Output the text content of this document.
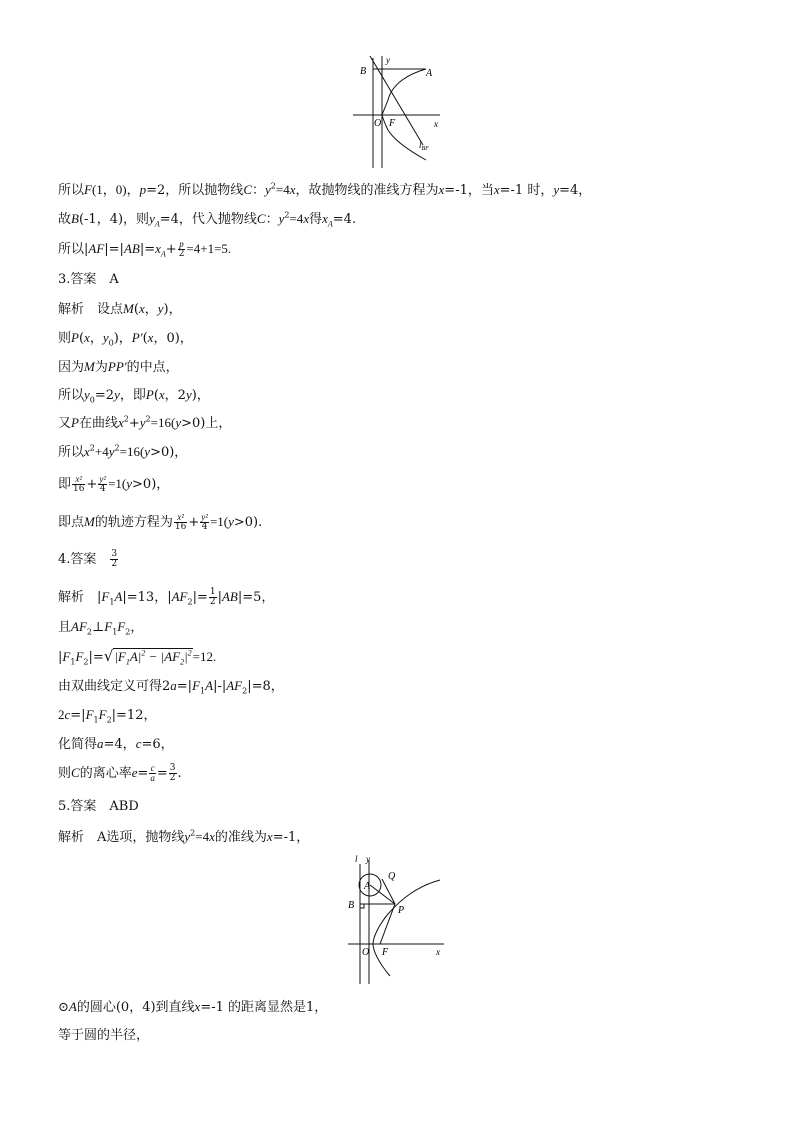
B
y
A
O F	x
$l_{BF}$
所以F(1，0)，p=2，所以抛物线C：$y^2=4x$，故抛物线的准线方程为x=-1，当x=-1 时，y=4，
故B(-1，4)，则$y_A=4$，代入抛物线C：$y^2=4x$得$x_A=4$.
所以$|AF|=|AB|=x_A+ \frac{p}{2} =4+1=5$.
3.答案　A
解析　设点M(x，y)，
则P(x，$y_0$)，P′(x，0)，
因为M为PP′的中点，
所以$y_0=2y$，即P(x，2y)，
又P在曲线$x^2+y^2=16(y>0)$上，
所以$x^2+4y^2=16(y>0)$，
即 $\frac{\text{x²}}{16} + \frac{\text{y²}}{4} =1(y>0)$，
即点M的轨迹方程为 $\frac{\text{x²}}{16} + \frac{\text{y²}}{4} =1(y>0)$.
4.答案　 $\frac{3}{2}$
解析　$|F_1A|=13$，$|AF_2|= \frac{1}{2} |AB|=5$，
且$AF_2\perp F_1F_2$，
$|F_1F_2|=√|F_1A|^2 - |AF_2|^2=12$.
由双曲线定义可得$2a=|F_1A|-|AF_2|=8$，
$2c=|F_1F_2|=12$，
化简得a=4，c=6，
则C的离心率$e= \frac{c}{a} = \frac{3}{2}$ .
5.答案　ABD
解析　A选项，抛物线$y^2=4x$的准线为x=-1，
l y
A
Q
B	P
O F	x
⊙A的圆心(0，4)到直线x=-1 的距离显然是1，
等于圆的半径，
